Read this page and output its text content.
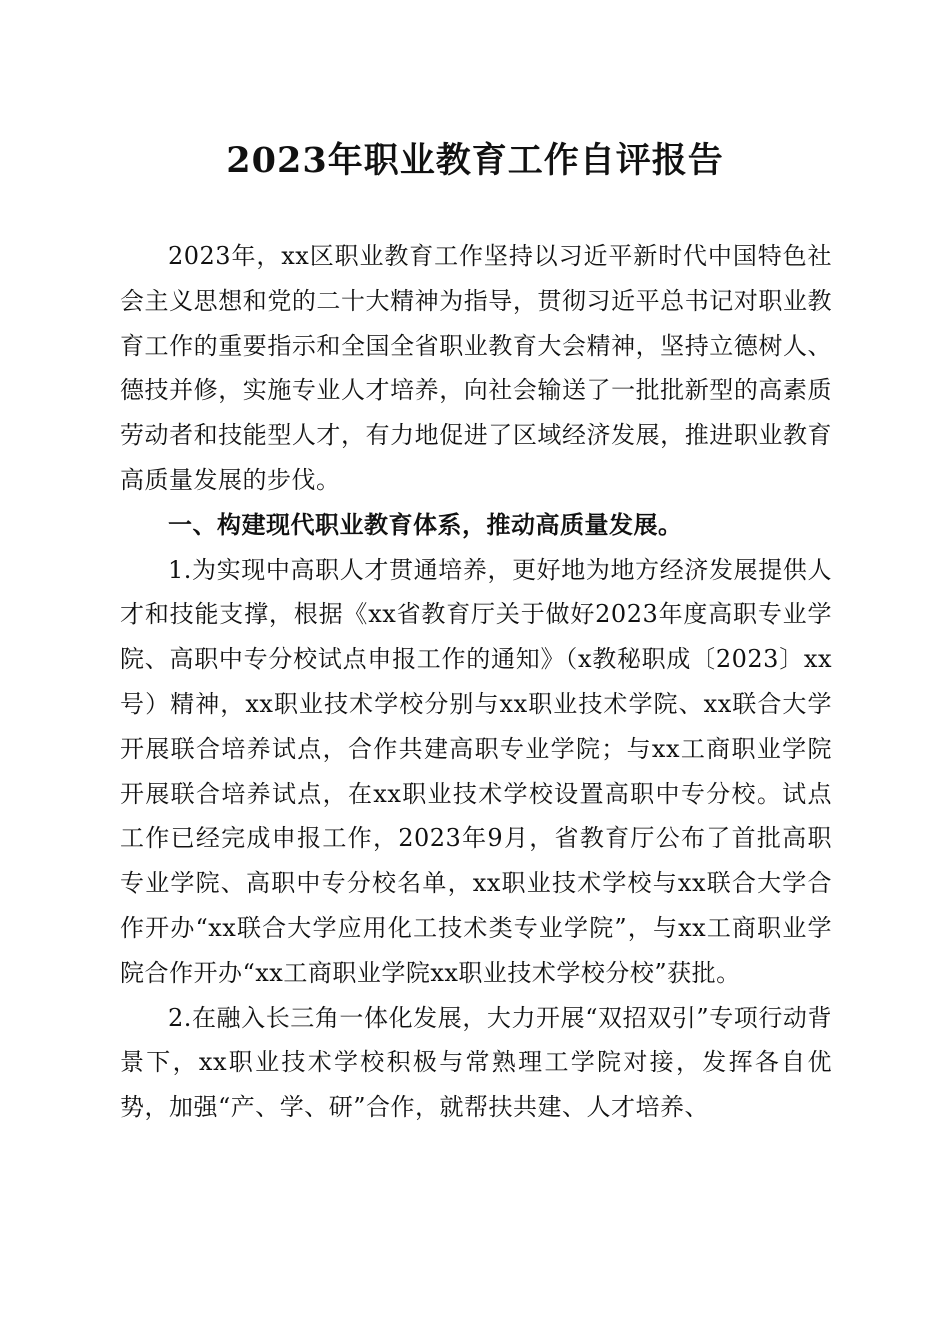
2023年职业教育工作自评报告

2023年，xx区职业教育工作坚持以习近平新时代中国特色社会主义思想和党的二十大精神为指导，贯彻习近平总书记对职业教育工作的重要指示和全国全省职业教育大会精神，坚持立德树人、德技并修，实施专业人才培养，向社会输送了一批批新型的高素质劳动者和技能型人才，有力地促进了区域经济发展，推进职业教育高质量发展的步伐。

一、构建现代职业教育体系，推动高质量发展。

1.为实现中高职人才贯通培养，更好地为地方经济发展提供人才和技能支撑，根据《xx省教育厅关于做好2023年度高职专业学院、高职中专分校试点申报工作的通知》（x教秘职成〔2023〕xx号）精神，xx职业技术学校分别与xx职业技术学院、xx联合大学开展联合培养试点，合作共建高职专业学院；与xx工商职业学院开展联合培养试点，在xx职业技术学校设置高职中专分校。试点工作已经完成申报工作，2023年9月，省教育厅公布了首批高职专业学院、高职中专分校名单，xx职业技术学校与xx联合大学合作开办“xx联合大学应用化工技术类专业学院”，与xx工商职业学院合作开办“xx工商职业学院xx职业技术学校分校”获批。

2.在融入长三角一体化发展，大力开展“双招双引”专项行动背景下，xx职业技术学校积极与常熟理工学院对接，发挥各自优势，加强“产、学、研”合作，就帮扶共建、人才培养、
